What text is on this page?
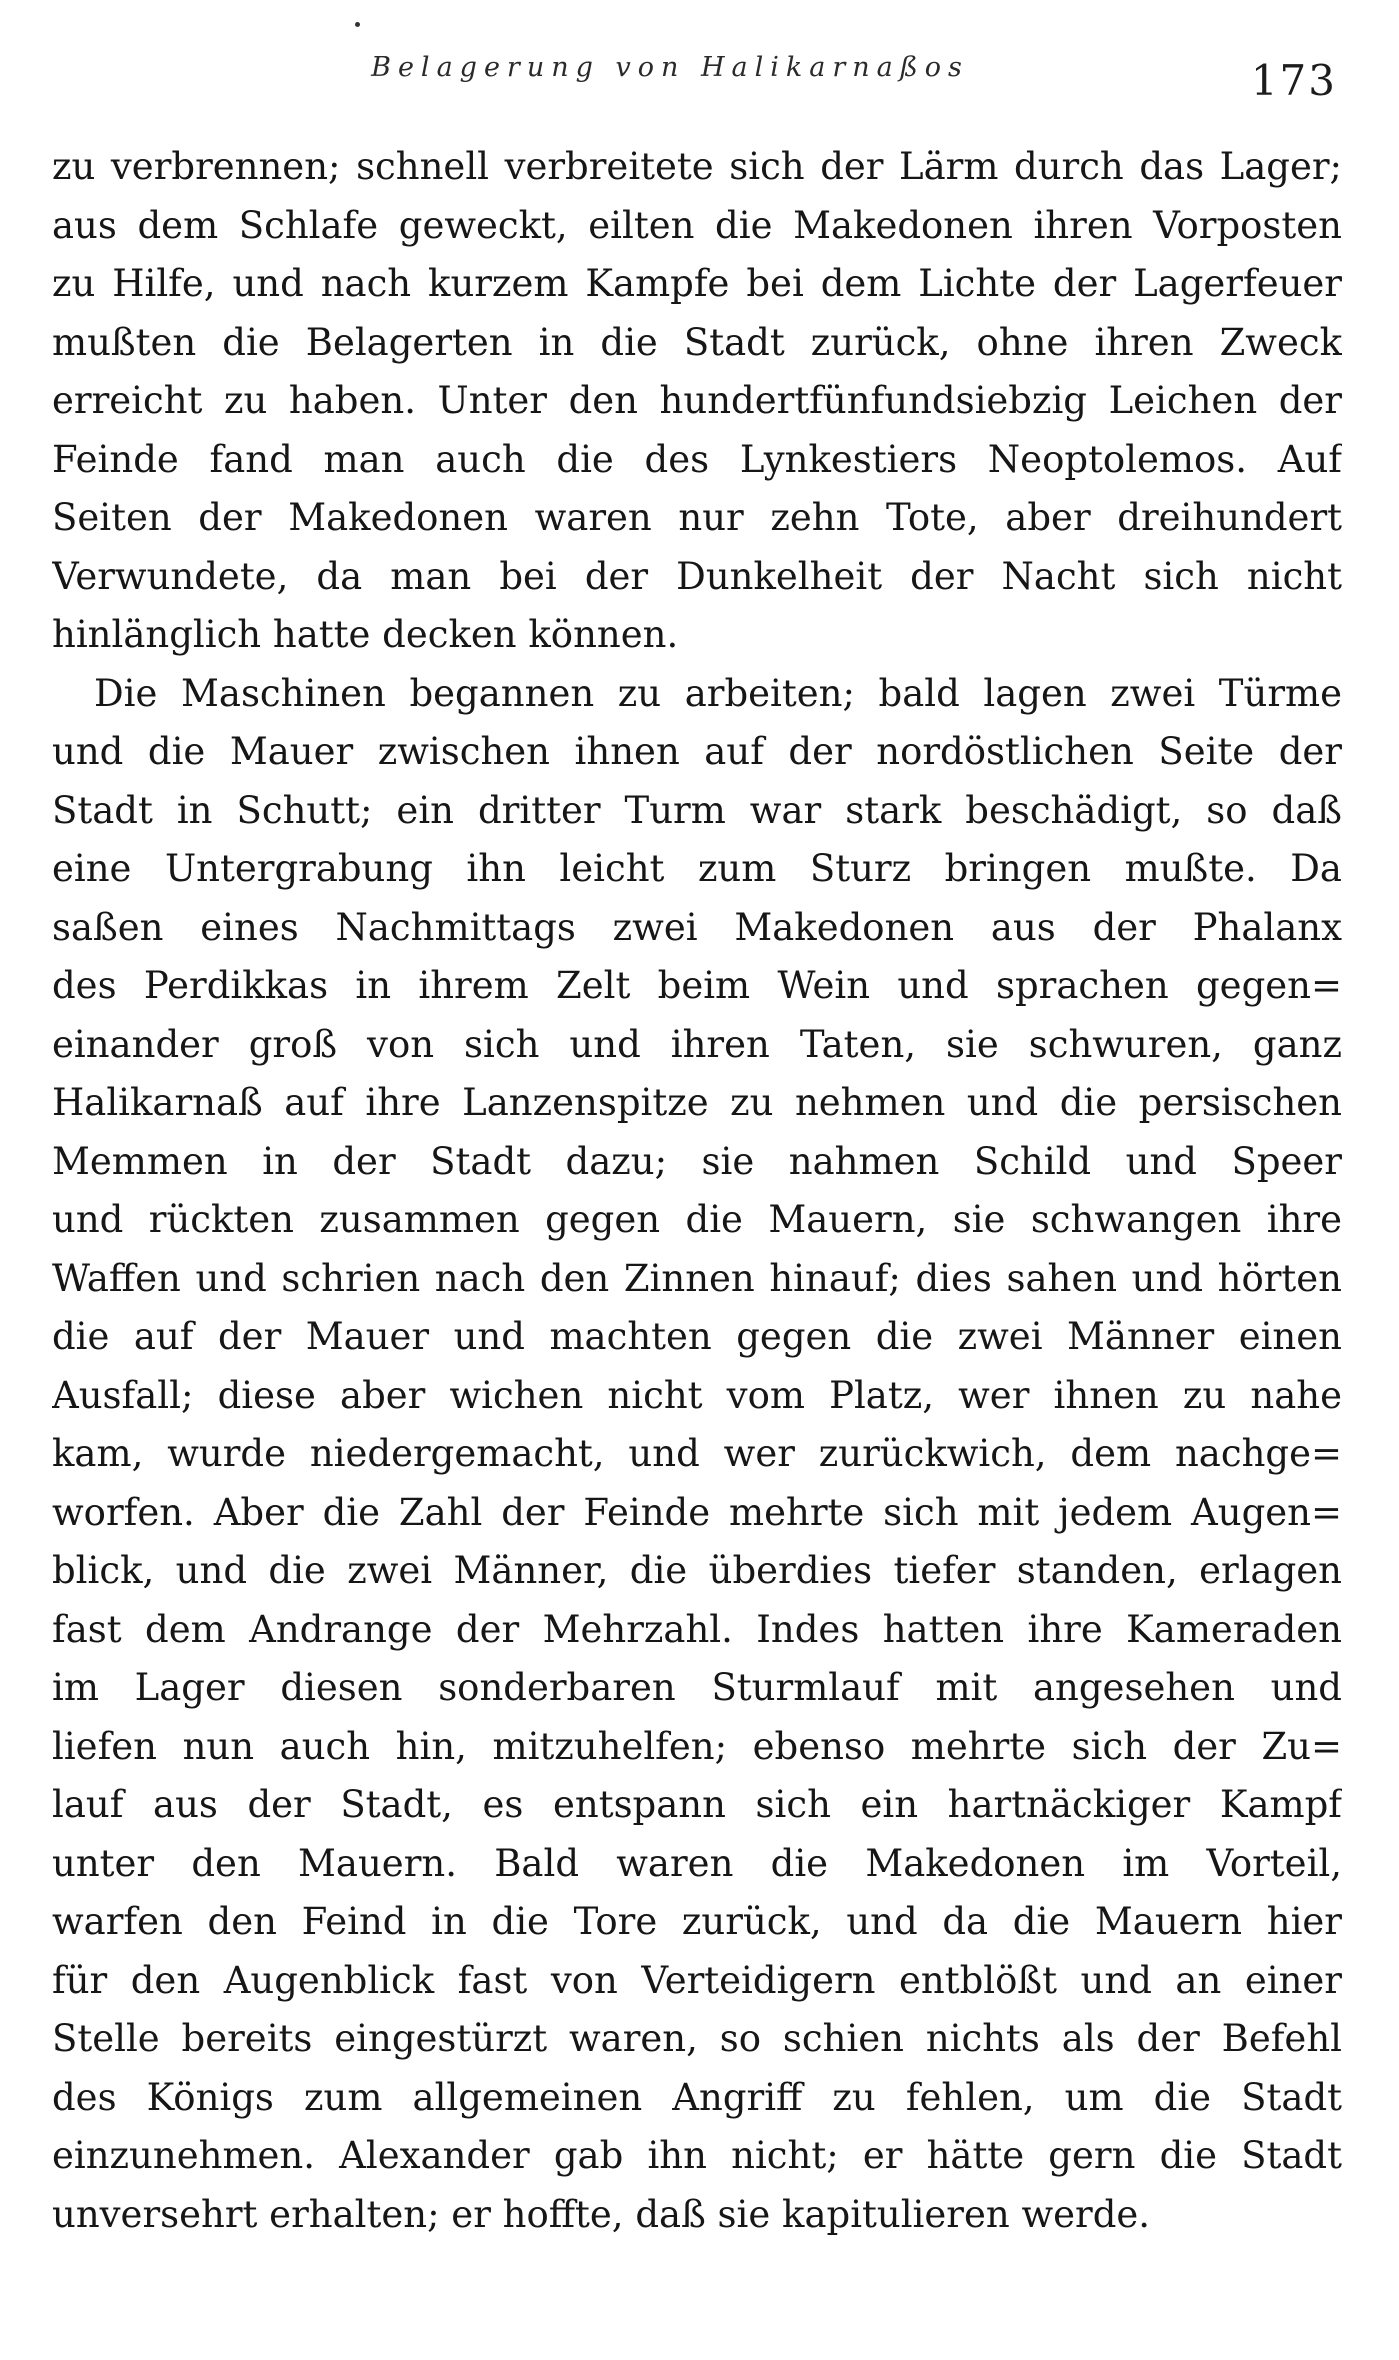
Belagerung von Halikarnaßos	173
zu verbrennen; schnell verbreitete sich der Lärm durch das Lager;
aus dem Schlafe geweckt, eilten die Makedonen ihren Vorposten
zu Hilfe, und nach kurzem Kampfe bei dem Lichte der Lagerfeuer
mußten die Belagerten in die Stadt zurück, ohne ihren Zweck
erreicht zu haben. Unter den hundertfünfundsiebzig Leichen der
Feinde fand man auch die des Lynkestiers Neoptolemos. Auf
Seiten der Makedonen waren nur zehn Tote, aber dreihundert
Verwundete, da man bei der Dunkelheit der Nacht sich nicht
hinlänglich hatte decken können.
Die Maschinen begannen zu arbeiten; bald lagen zwei Türme
und die Mauer zwischen ihnen auf der nordöstlichen Seite der
Stadt in Schutt; ein dritter Turm war stark beschädigt, so daß
eine Untergrabung ihn leicht zum Sturz bringen mußte. Da
saßen eines Nachmittags zwei Makedonen aus der Phalanx
des Perdikkas in ihrem Zelt beim Wein und sprachen gegen=
einander groß von sich und ihren Taten, sie schwuren, ganz
Halikarnaß auf ihre Lanzenspitze zu nehmen und die persischen
Memmen in der Stadt dazu; sie nahmen Schild und Speer
und rückten zusammen gegen die Mauern, sie schwangen ihre
Waffen und schrien nach den Zinnen hinauf; dies sahen und hörten
die auf der Mauer und machten gegen die zwei Männer einen
Ausfall; diese aber wichen nicht vom Platz, wer ihnen zu nahe
kam, wurde niedergemacht, und wer zurückwich, dem nachge=
worfen. Aber die Zahl der Feinde mehrte sich mit jedem Augen=
blick, und die zwei Männer, die überdies tiefer standen, erlagen
fast dem Andrange der Mehrzahl. Indes hatten ihre Kameraden
im Lager diesen sonderbaren Sturmlauf mit angesehen und
liefen nun auch hin, mitzuhelfen; ebenso mehrte sich der Zu=
lauf aus der Stadt, es entspann sich ein hartnäckiger Kampf
unter den Mauern. Bald waren die Makedonen im Vorteil,
warfen den Feind in die Tore zurück, und da die Mauern hier
für den Augenblick fast von Verteidigern entblößt und an einer
Stelle bereits eingestürzt waren, so schien nichts als der Befehl
des Königs zum allgemeinen Angriff zu fehlen, um die Stadt
einzunehmen. Alexander gab ihn nicht; er hätte gern die Stadt
unversehrt erhalten; er hoffte, daß sie kapitulieren werde.
